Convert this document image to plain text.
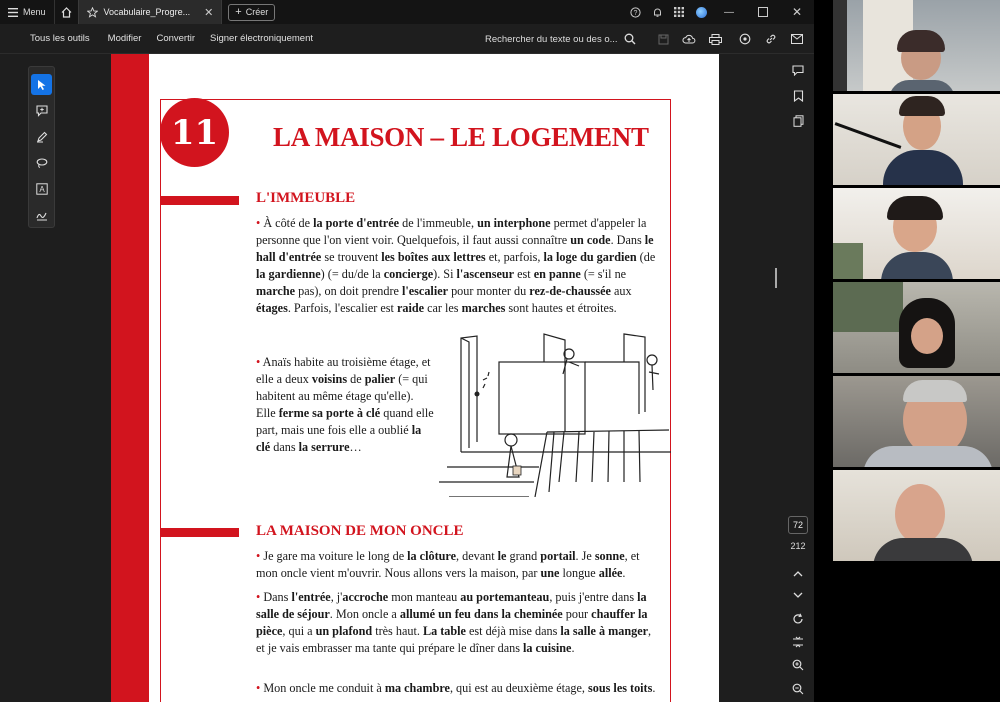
Menu	Vocabulaire_Progre... ✕ + Créer	?	―	✕
Tous les outils	Modifier	Convertir	Signer électroniquement	Rechercher du texte ou des o...
A
11	LA MAISON – LE LOGEMENT
L'IMMEUBLE
• À côté de la porte d'entrée de l'immeuble, un interphone permet d'appeler la personne que l'on vient voir. Quelquefois, il faut aussi connaître un code. Dans le hall d'entrée se trouvent les boîtes aux lettres et, parfois, la loge du gardien (de la gardienne) (= du/de la concierge). Si l'ascenseur est en panne (= s'il ne marche pas), on doit prendre l'escalier pour monter du rez-de-chaussée aux étages. Parfois, l'escalier est raide car les marches sont hautes et étroites.
• Anaïs habite au troisième étage, et elle a deux voisins de palier (= qui habitent au même étage qu'elle). Elle ferme sa porte à clé quand elle part, mais une fois elle a oublié la clé dans la serrure…
LA MAISON DE MON ONCLE
• Je gare ma voiture le long de la clôture, devant le grand portail. Je sonne, et mon oncle vient m'ouvrir. Nous allons vers la maison, par une longue allée.
• Dans l'entrée, j'accroche mon manteau au portemanteau, puis j'entre dans la salle de séjour. Mon oncle a allumé un feu dans la cheminée pour chauffer la pièce, qui a un plafond très haut. La table est déjà mise dans la salle à manger, et je vais embrasser ma tante qui prépare le dîner dans la cuisine.
• Mon oncle me conduit à ma chambre, qui est au deuxième étage, sous les toits.
72
212
